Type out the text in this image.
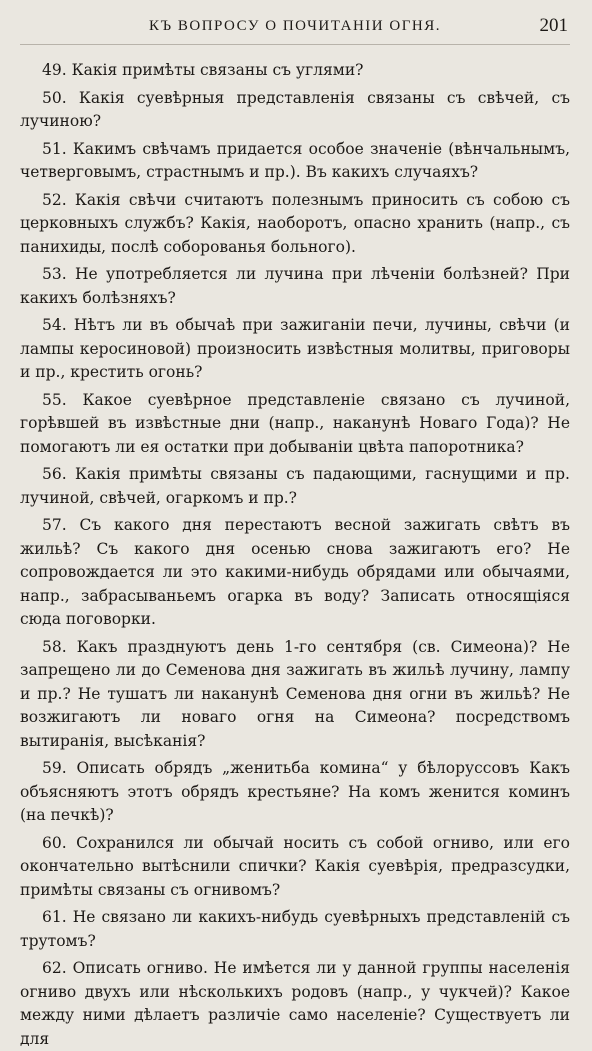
КЪ ВОПРОСУ О ПОЧИТАНІИ ОГНЯ.	201

49. Какія примѣты связаны съ углями?

50. Какія суевѣрныя представленія связаны съ свѣчей, съ лучиною?

51. Какимъ свѣчамъ придается особое значеніе (вѣнчальнымъ, четверговымъ, страстнымъ и пр.). Въ какихъ случаяхъ?

52. Какія свѣчи считаютъ полезнымъ приносить съ собою съ церковныхъ службъ? Какія, наоборотъ, опасно хранить (напр., съ панихиды, послѣ соборованья больного).

53. Не употребляется ли лучина при лѣченіи болѣзней? При какихъ болѣзняхъ?

54. Нѣтъ ли въ обычаѣ при зажиганіи печи, лучины, свѣчи (и лампы керосиновой) произносить извѣстныя молитвы, приговоры и пр., крестить огонь?

55. Какое суевѣрное представленіе связано съ лучиной, горѣвшей въ извѣстные дни (напр., наканунѣ Новаго Года)? Не помогаютъ ли ея остатки при добываніи цвѣта папоротника?

56. Какія примѣты связаны съ падающими, гаснущими и пр. лучиной, свѣчей, огаркомъ и пр.?

57. Съ какого дня перестаютъ весной зажигать свѣтъ въ жильѣ? Съ какого дня осенью снова зажигаютъ его? Не сопровождается ли это какими-нибудь обрядами или обычаями, напр., забрасываньемъ огарка въ воду? Записать относящіяся сюда поговорки.

58. Какъ празднуютъ день 1-го сентября (св. Симеона)? Не запрещено ли до Семенова дня зажигать въ жильѣ лучину, лампу и пр.? Не тушатъ ли наканунѣ Семенова дня огни въ жильѣ? Не возжигаютъ ли новаго огня на Симеона? посредствомъ вытиранія, высѣканія?

59. Описать обрядъ „женитьба комина“ у бѣлоруссовъ Какъ объясняютъ этотъ обрядъ крестьяне? На комъ женится коминъ (на печкѣ)?

60. Сохранился ли обычай носить съ собой огниво, или его окончательно вытѣснили спички? Какія суевѣрія, предразсудки, примѣты связаны съ огнивомъ?

61. Не связано ли какихъ-нибудь суевѣрныхъ представленій съ трутомъ?

62. Описать огниво. Не имѣется ли у данной группы населенія огниво двухъ или нѣсколькихъ родовъ (напр., у чукчей)? Какое между ними дѣлаетъ различіе само населеніе? Существуетъ ли для
